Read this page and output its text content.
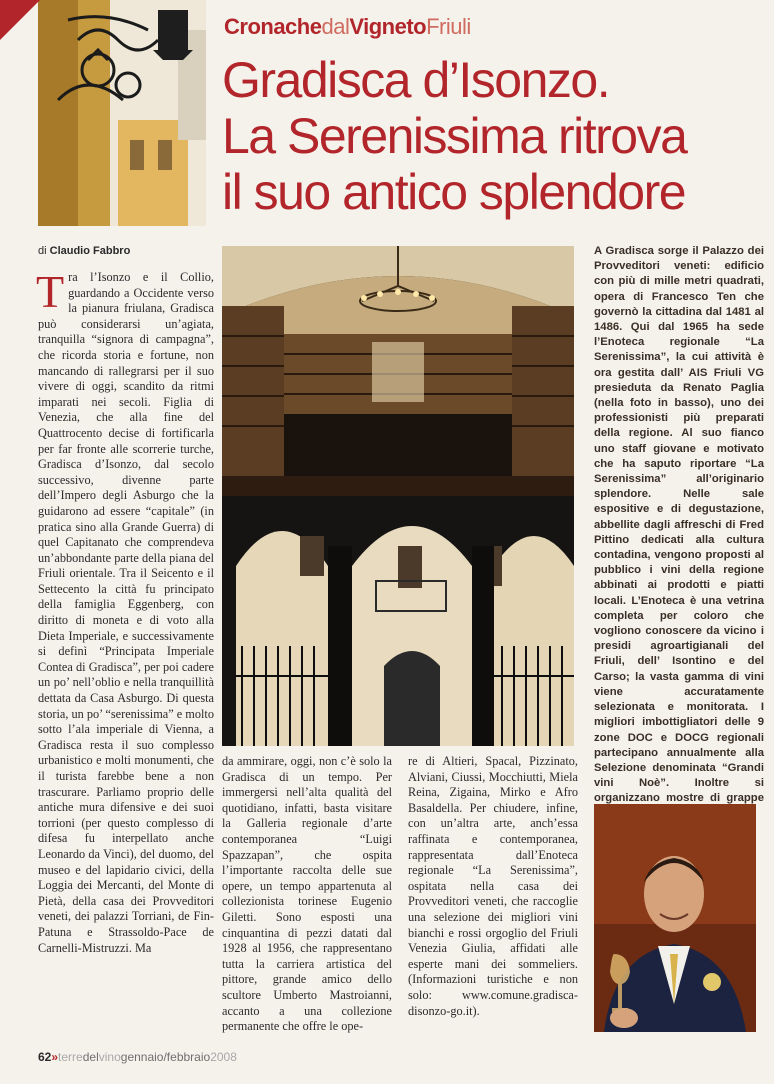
CronachedalVignetoFriuli
Gradisca d’Isonzo.
La Serenissima ritrova
il suo antico splendore
di Claudio Fabbro
T ra l’Isonzo e il Collio, guardando a Occidente verso la pianura friulana, Gradisca può considerarsi un’agiata, tranquilla “signora di campagna”, che ricorda storia e fortune, non mancando di rallegrarsi per il suo vivere di oggi, scandito da ritmi imparati nei secoli. Figlia di Venezia, che alla fine del Quattrocento decise di fortificarla per far fronte alle scorrerie turche, Gradisca d’Isonzo, dal secolo successivo, divenne parte dell’Impero degli Asburgo che la guidarono ad essere “capitale” (in pratica sino alla Grande Guerra) di quel Capitanato che comprendeva un’abbondante parte della piana del Friuli orientale. Tra il Seicento e il Settecento la città fu principato della famiglia Eggenberg, con diritto di moneta e di voto alla Dieta Imperiale, e successivamente si definì “Principata Imperiale Contea di Gradisca”, per poi cadere un po’ nell’oblio e nella tranquillità dettata da Casa Asburgo. Di questa storia, un po’ “serenissima” e molto sotto l’ala imperiale di Vienna, a Gradisca resta il suo complesso urbanistico e molti monumenti, che il turista farebbe bene a non trascurare. Parliamo proprio delle antiche mura difensive e dei suoi torrioni (per questo complesso di difesa fu interpellato anche Leonardo da Vinci), del duomo, del museo e del lapidario civici, della Loggia dei Mercanti, del Monte di Pietà, della casa dei Provveditori veneti, dei palazzi Torriani, de Fin-Patuna e Strassoldo-Pace de Carnelli-Mistruzzi. Ma

da ammirare, oggi, non c’è solo la Gradisca di un tempo. Per immergersi nell’alta qualità del quotidiano, infatti, basta visitare la Galleria regionale d’arte contemporanea “Luigi Spazzapan”, che ospita l’importante raccolta delle sue opere, un tempo appartenuta al collezionista torinese Eugenio Giletti. Sono esposti una cinquantina di pezzi datati dal 1928 al 1956, che rappresentano tutta la carriera artistica del pittore, grande amico dello scultore Umberto Mastroianni, accanto a una collezione permanente che offre le ope-

re di Altieri, Spacal, Pizzinato, Alviani, Ciussi, Mocchiutti, Miela Reina, Zigaina, Mirko e Afro Basaldella. Per chiudere, infine, con un’altra arte, anch’essa raffinata e contemporanea, rappresentata dall’Enoteca regionale “La Serenissima”, ospitata nella casa dei Provveditori veneti, che raccoglie una selezione dei migliori vini bianchi e rossi orgoglio del Friuli Venezia Giulia, affidati alle esperte mani dei sommeliers. (Informazioni turistiche e non solo: www.comune.gradisca-disonzo-go.it).

A Gradisca sorge il Palazzo dei Provveditori veneti: edificio con più di mille metri quadrati, opera di Francesco Ten che governò la cittadina dal 1481 al 1486. Qui dal 1965 ha sede l’Enoteca regionale “La Serenissima”, la cui attività è ora gestita dall’ AIS Friuli VG presieduta da Renato Paglia (nella foto in basso), uno dei professionisti più preparati della regione. Al suo fianco uno staff giovane e motivato che ha saputo riportare “La Serenissima” all’originario splendore. Nelle sale espositive e di degustazione, abbellite dagli affreschi di Fred Pittino dedicati alla cultura contadina, vengono proposti al pubblico i vini della regione abbinati ai prodotti e piatti locali. L’Enoteca è una vetrina completa per coloro che vogliono conoscere da vicino i presidi agroartigianali del Friuli, dell’ Isontino e del Carso; la vasta gamma di vini viene accuratamente selezionata e monitorata. I migliori imbottigliatori delle 9 zone DOC e DOCG regionali partecipano annualmente alla Selezione denominata “Grandi vini Noè”. Inoltre si organizzano mostre di grappe

62»terredelvinogennaio/febbraio2008
